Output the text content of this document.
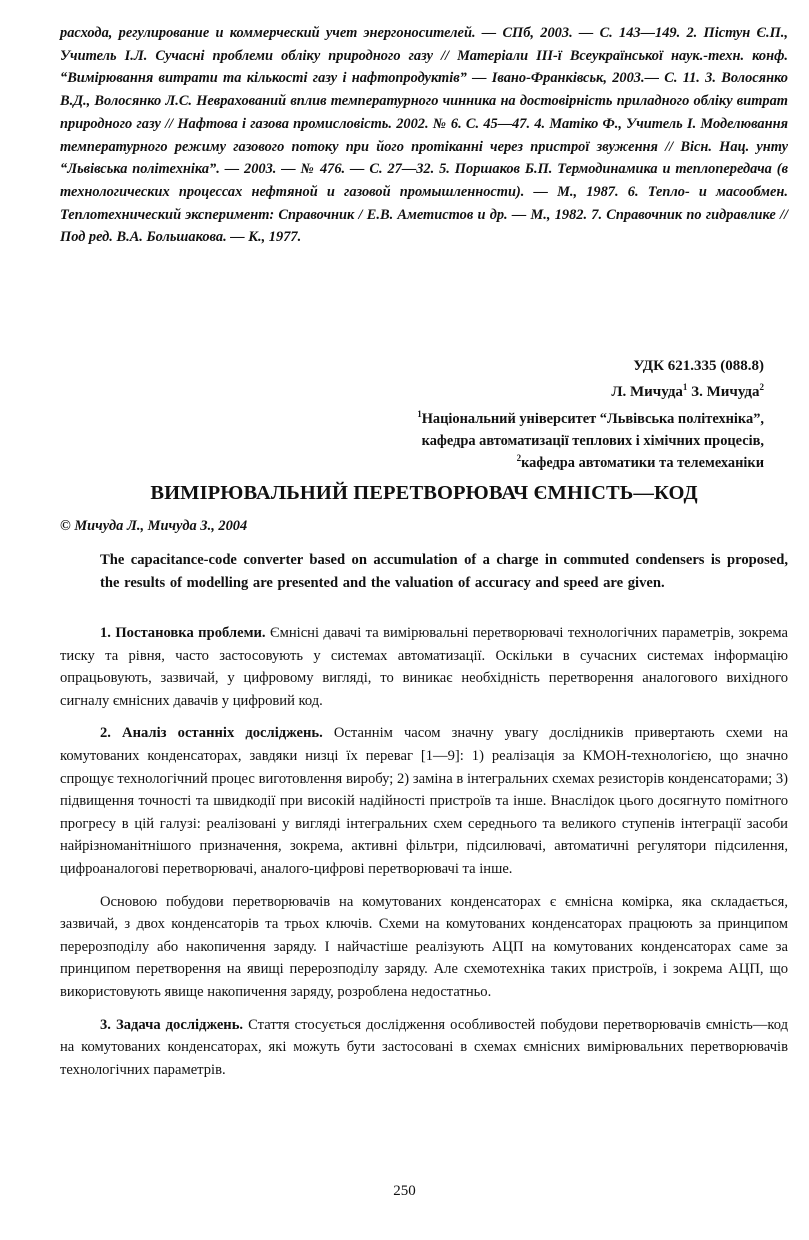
расхода, регулирование и коммерческий учет энергоносителей. — СПб, 2003. — С. 143—149. 2. Пістун Є.П., Учитель І.Л. Сучасні проблеми обліку природного газу // Матеріали ІІІ-ї Всеукраїнської наук.-техн. конф. “Вимірювання витрати та кількості газу і нафтопродуктів” — Івано-Франківськ, 2003.— С. 11. 3. Волосянко В.Д., Волосянко Л.С. Неврахований вплив температурного чинника на достовірність приладного обліку витрат природного газу // Нафтова і газова промисловість. 2002. № 6. С. 45—47. 4. Матіко Ф., Учитель І. Моделювання температурного режиму газового потоку при його протіканні через пристрої звуження // Вісн. Нац. унту “Львівська політехніка”. — 2003. — № 476. — С. 27—32. 5. Поршаков Б.П. Термодинамика и теплопередача (в технологических процессах нефтяной и газовой промышленности). — М., 1987. 6. Тепло- и масообмен. Теплотехнический эксперимент: Справочник / Е.В. Аметистов и др. — М., 1982. 7. Справочник по гидравлике // Под ред. В.А. Большакова. — К., 1977.

УДК 621.335 (088.8)

Л. Мичуда$^1$ З. Мичуда$^2$

$^1$Національний університет “Львівська політехніка”,
кафедра автоматизації теплових і хімічних процесів,
$^2$кафедра автоматики та телемеханіки
ВИМІРЮВАЛЬНИЙ ПЕРЕТВОРЮВАЧ ЄМНІСТЬ—КОД

© Мичуда Л., Мичуда З., 2004

The capacitance-code converter based on accumulation of a charge in commuted condensers is proposed, the results of modelling are presented and the valuation of accuracy and speed are given.

1. Постановка проблеми. Ємнісні давачі та вимірювальні перетворювачі технологічних параметрів, зокрема тиску та рівня, часто застосовують у системах автоматизації. Оскільки в сучасних системах інформацію опрацьовують, зазвичай, у цифровому вигляді, то виникає необхідність перетворення аналогового вихідного сигналу ємнісних давачів у цифровий код.

2. Аналіз останніх досліджень. Останнім часом значну увагу дослідників привертають схеми на комутованих конденсаторах, завдяки низці їх переваг [1—9]: 1) реалізація за КМОН-технологією, що значно спрощує технологічний процес виготовлення виробу; 2) заміна в інтегральних схемах резисторів конденсаторами; 3) підвищення точності та швидкодії при високій надійності пристроїв та інше. Внаслідок цього досягнуто помітного прогресу в цій галузі: реалізовані у вигляді інтегральних схем середнього та великого ступенів інтеграції засоби найрізноманітнішого призначення, зокрема, активні фільтри, підсилювачі, автоматичні регулятори підсилення, цифроаналогові перетворювачі, аналого-цифрові перетворювачі та інше.

Основою побудови перетворювачів на комутованих конденсаторах є ємнісна комірка, яка складається, зазвичай, з двох конденсаторів та трьох ключів. Схеми на комутованих конденсаторах працюють за принципом перерозподілу або накопичення заряду. І найчастіше реалізують АЦП на комутованих конденсаторах саме за принципом перетворення на явищі перерозподілу заряду. Але схемотехніка таких пристроїв, і зокрема АЦП, що використовують явище накопичення заряду, розроблена недостатньо.

3. Задача досліджень. Стаття стосується дослідження особливостей побудови перетворювачів ємність—код на комутованих конденсаторах, які можуть бути застосовані в схемах ємнісних вимірювальних перетворювачів технологічних параметрів.

250
